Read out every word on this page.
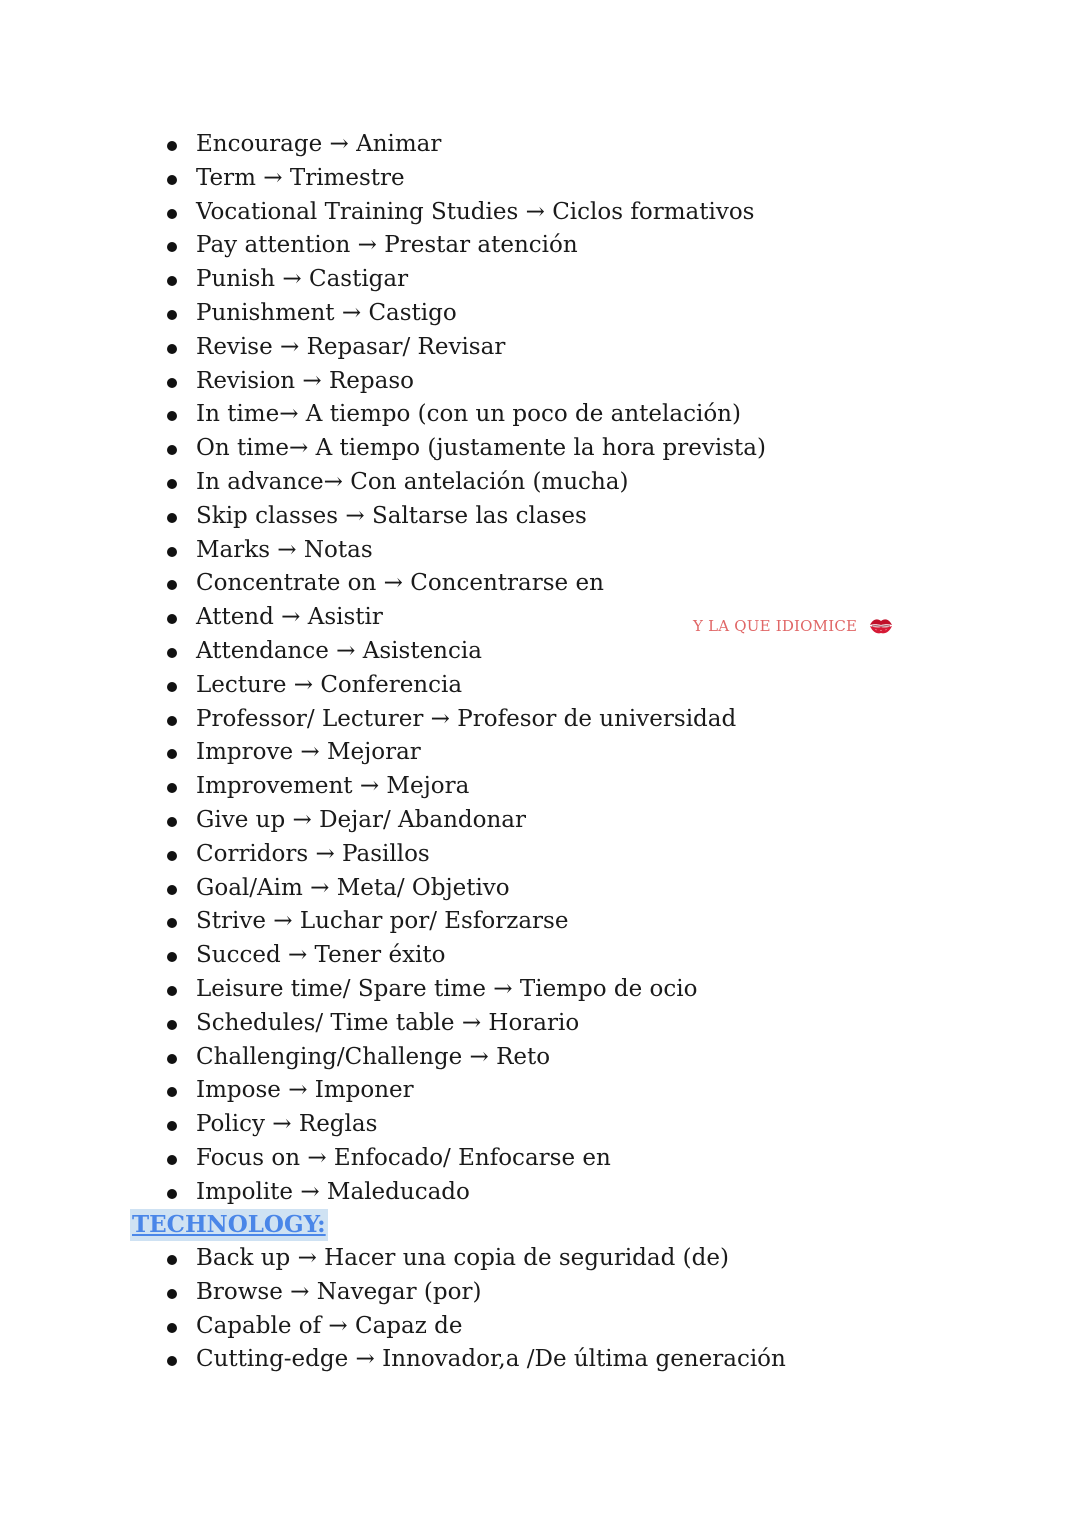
Encourage → Animar
Term → Trimestre
Vocational Training Studies → Ciclos formativos
Pay attention → Prestar atención
Punish → Castigar
Punishment → Castigo
Revise → Repasar/ Revisar
Revision → Repaso
In time→ A tiempo (con un poco de antelación)
On time→ A tiempo (justamente la hora prevista)
In advance→ Con antelación (mucha)
Skip classes → Saltarse las clases
Marks → Notas
Concentrate on → Concentrarse en
Attend → Asistir
Attendance → Asistencia
Lecture → Conferencia
Professor/ Lecturer → Profesor de universidad
Improve → Mejorar
Improvement → Mejora
Give up → Dejar/ Abandonar
Corridors → Pasillos
Goal/Aim → Meta/ Objetivo
Strive → Luchar por/ Esforzarse
Succed → Tener éxito
Leisure time/ Spare time → Tiempo de ocio
Schedules/ Time table → Horario
Challenging/Challenge → Reto
Impose → Imponer
Policy → Reglas
Focus on → Enfocado/ Enfocarse en
Impolite → Maleducado
TECHNOLOGY:
Back up → Hacer una copia de seguridad (de)
Browse → Navegar (por)
Capable of → Capaz de
Cutting-edge → Innovador,a /De última generación
Y LA QUE IDIOMICE
